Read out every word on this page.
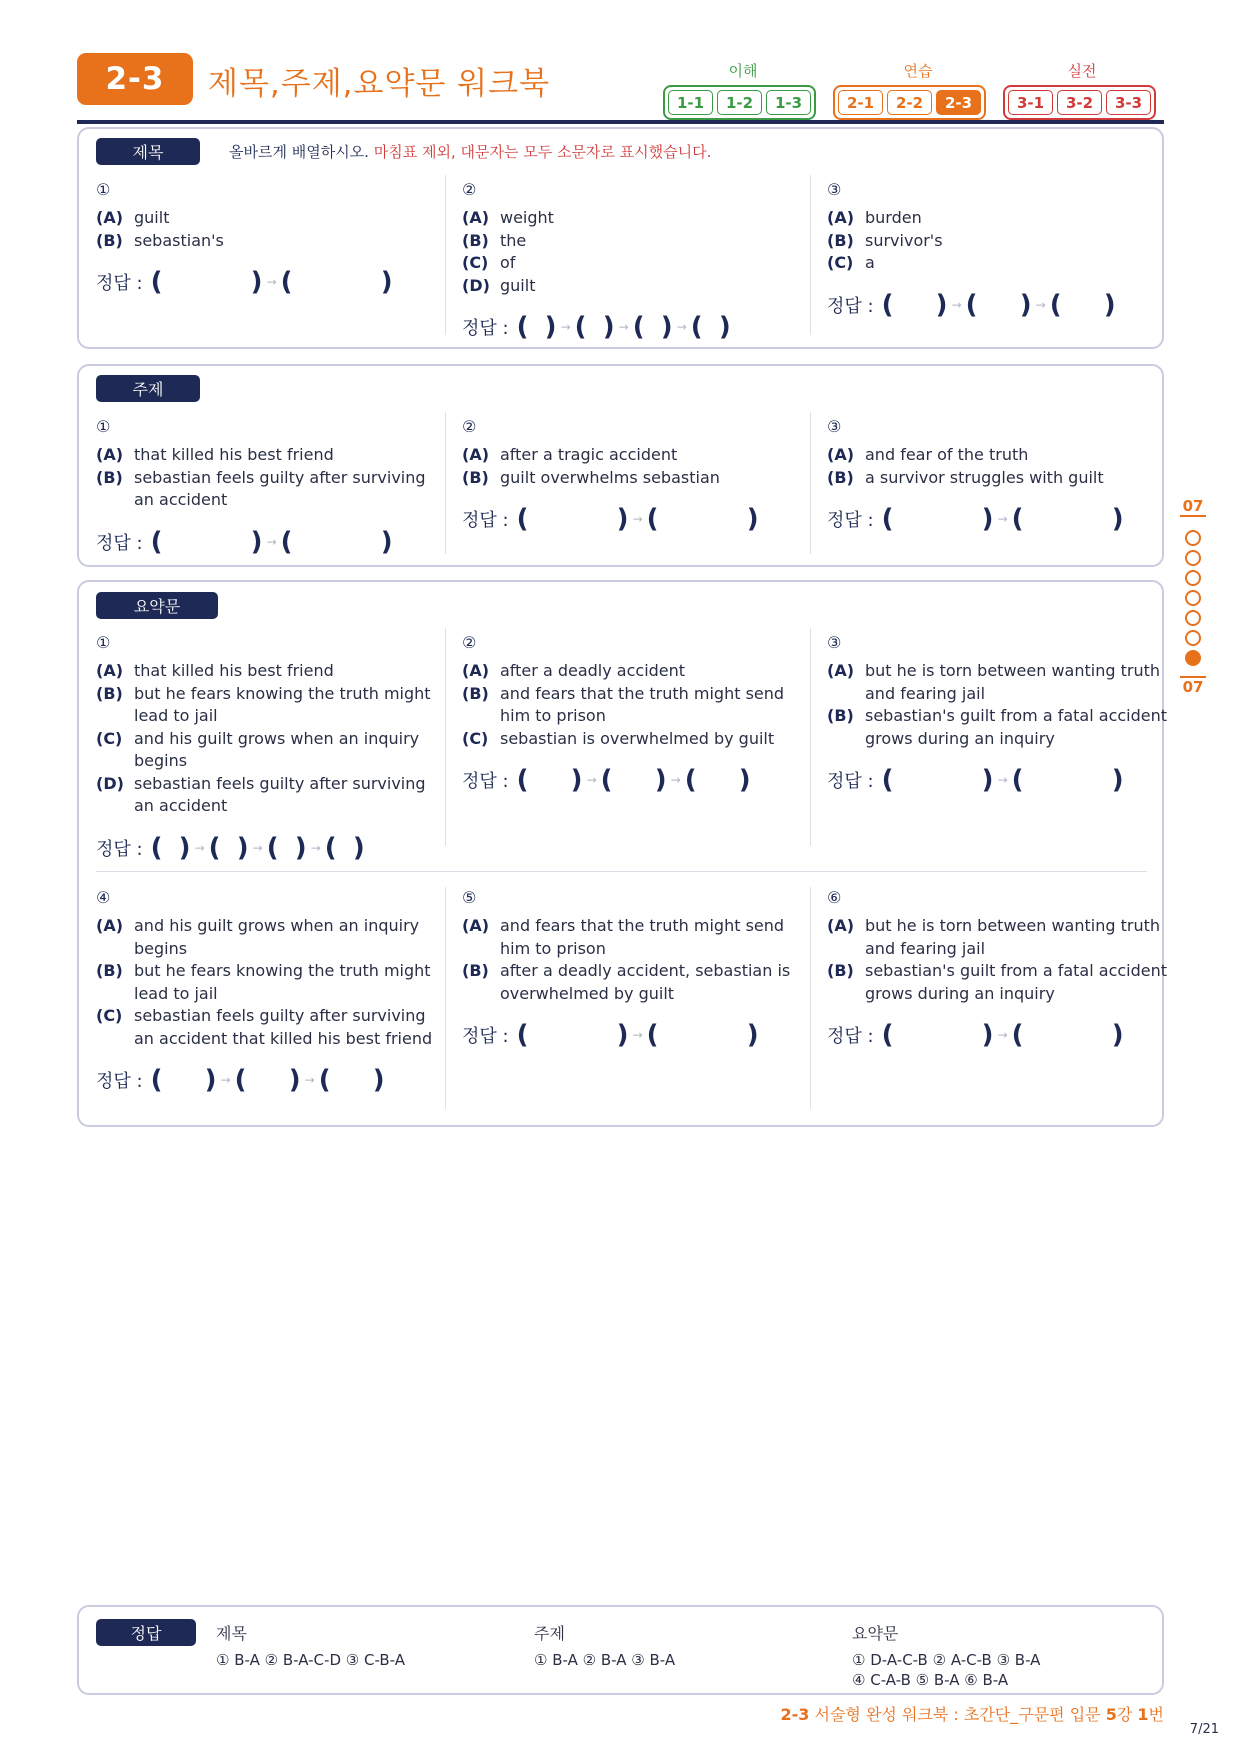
2-3	제목,주제,요약문 워크북	이해	연습	실전
1-1	1-2	1-3	2-1	2-2	2-3	3-1	3-2	3-3
제목	올바르게 배열하시오. 마침표 제외, 대문자는 모두 소문자로 표시했습니다.
①
(A) guilt
(B) sebastian's
정답 : (	) → (	)
②
(A) weight
(B) the
(C) of
(D) guilt
정답 : ( ) → ( ) → ( ) → ( )
③
(A) burden
(B) survivor's
(C) a
정답 : ( ) → ( ) → ( )
주제
①
(A) that killed his best friend
(B) sebastian feels guilty after surviving an accident
정답 : (	) → (	)
②
(A) after a tragic accident
(B) guilt overwhelms sebastian
정답 : (	) → (	)
③
(A) and fear of the truth
(B) a survivor struggles with guilt
정답 : (	) → (	)
요약문
①
(A) that killed his best friend
(B) but he fears knowing the truth might lead to jail
(C) and his guilt grows when an inquiry begins
(D) sebastian feels guilty after surviving an accident
정답 : ( ) → ( ) → ( ) → ( )
②
(A) after a deadly accident
(B) and fears that the truth might send him to prison
(C) sebastian is overwhelmed by guilt
정답 : ( ) → ( ) → ( )
③
(A) but he is torn between wanting truth and fearing jail
(B) sebastian's guilt from a fatal accident grows during an inquiry
정답 : (	) → (	)
④
(A) and his guilt grows when an inquiry begins
(B) but he fears knowing the truth might lead to jail
(C) sebastian feels guilty after surviving an accident that killed his best friend
정답 : ( ) → ( ) → ( )
⑤
(A) and fears that the truth might send him to prison
(B) after a deadly accident, sebastian is overwhelmed by guilt
정답 : (	) → (	)
⑥
(A) but he is torn between wanting truth and fearing jail
(B) sebastian's guilt from a fatal accident grows during an inquiry
정답 : (	) → (	)
07
07
정답	제목
① B-A ② B-A-C-D ③ C-B-A
주제
① B-A ② B-A ③ B-A
요약문
① D-A-C-B ② A-C-B ③ B-A
④ C-A-B ⑤ B-A ⑥ B-A
2-3 서술형 완성 워크북 : 초간단_구문편 입문 5강 1번
7/21
